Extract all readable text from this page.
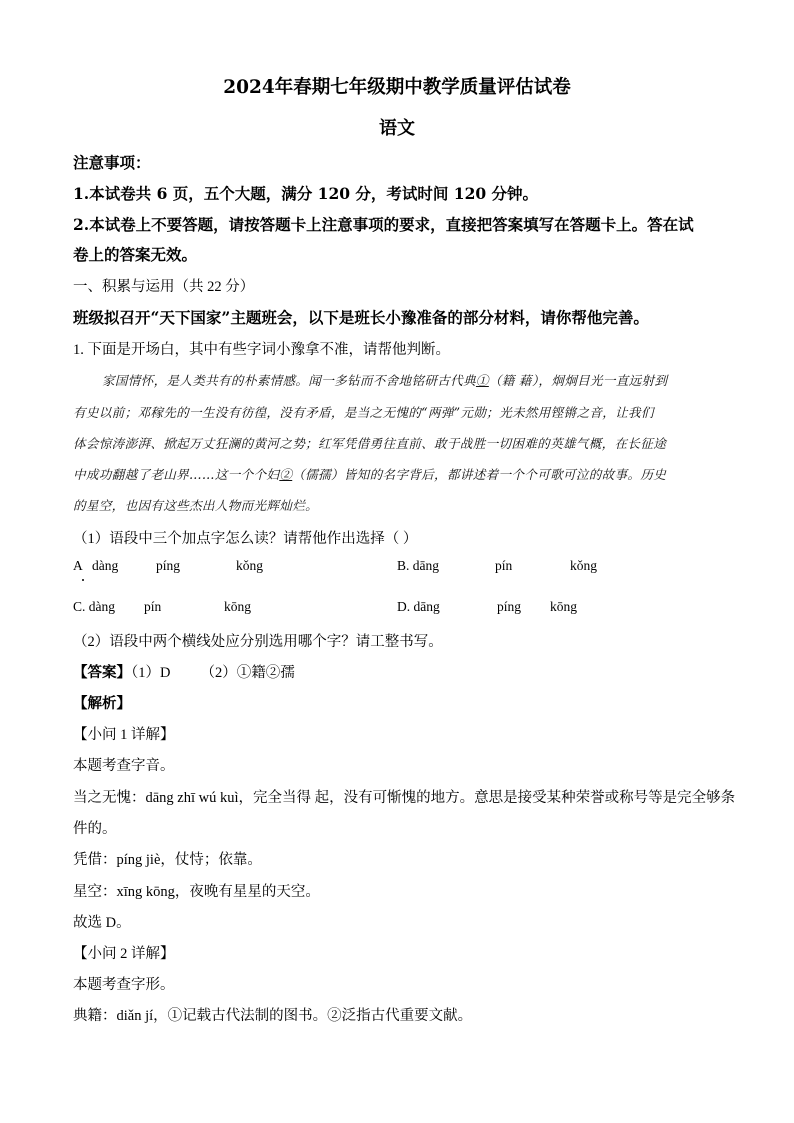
2024年春期七年级期中教学质量评估试卷
语文
注意事项：
1.本试卷共 6 页，五个大题，满分 120 分，考试时间 120 分钟。
2.本试卷上不要答题，请按答题卡上注意事项的要求，直接把答案填写在答题卡上。答在试
卷上的答案无效。
一、积累与运用（共 22 分）
班级拟召开“天下国家”主题班会，以下是班长小豫准备的部分材料，请你帮他完善。
1. 下面是开场白，其中有些字词小豫拿不准，请帮他判断。
家国情怀，是人类共有的朴素情感。闻一多钻而不舍地铭研古代典①（籍 藉），炯炯目光一直远射到
有史以前；邓稼先的一生没有彷徨，没有矛盾，是当之无愧的“两弹”元勋；光未然用铿锵之音，让我们
体会惊涛澎湃、掀起万丈狂澜的黄河之势；红军凭借勇往直前、敢于战胜一切困难的英雄气概，在长征途
中成功翻越了老山界……这一个个妇②（儒孺）皆知的名字背后，都讲述着一个个可歌可泣的故事。历史
的星空，也因有这些杰出人物而光辉灿烂。
（1）语段中三个加点字怎么读？请帮他作出选择（ ）
A dàng	píng	kǒng	B. dāng	pín	kǒng
C. dàng pín	kōng	D. dāng	píng kōng
（2）语段中两个横线处应分别选用哪个字？请工整书写。
【答案】（1）D （2）①籍②孺
【解析】
【小问 1 详解】
本题考查字音。
当之无愧：dāng zhī wú kuì，完全当得 起，没有可惭愧的地方。意思是接受某种荣誉或称号等是完全够条
件的。
凭借：píng jiè，仗恃；依靠。
星空：xīng kōng，夜晚有星星的天空。
故选 D。
【小问 2 详解】
本题考查字形。
典籍：diǎn jí，①记载古代法制的图书。②泛指古代重要文献。
